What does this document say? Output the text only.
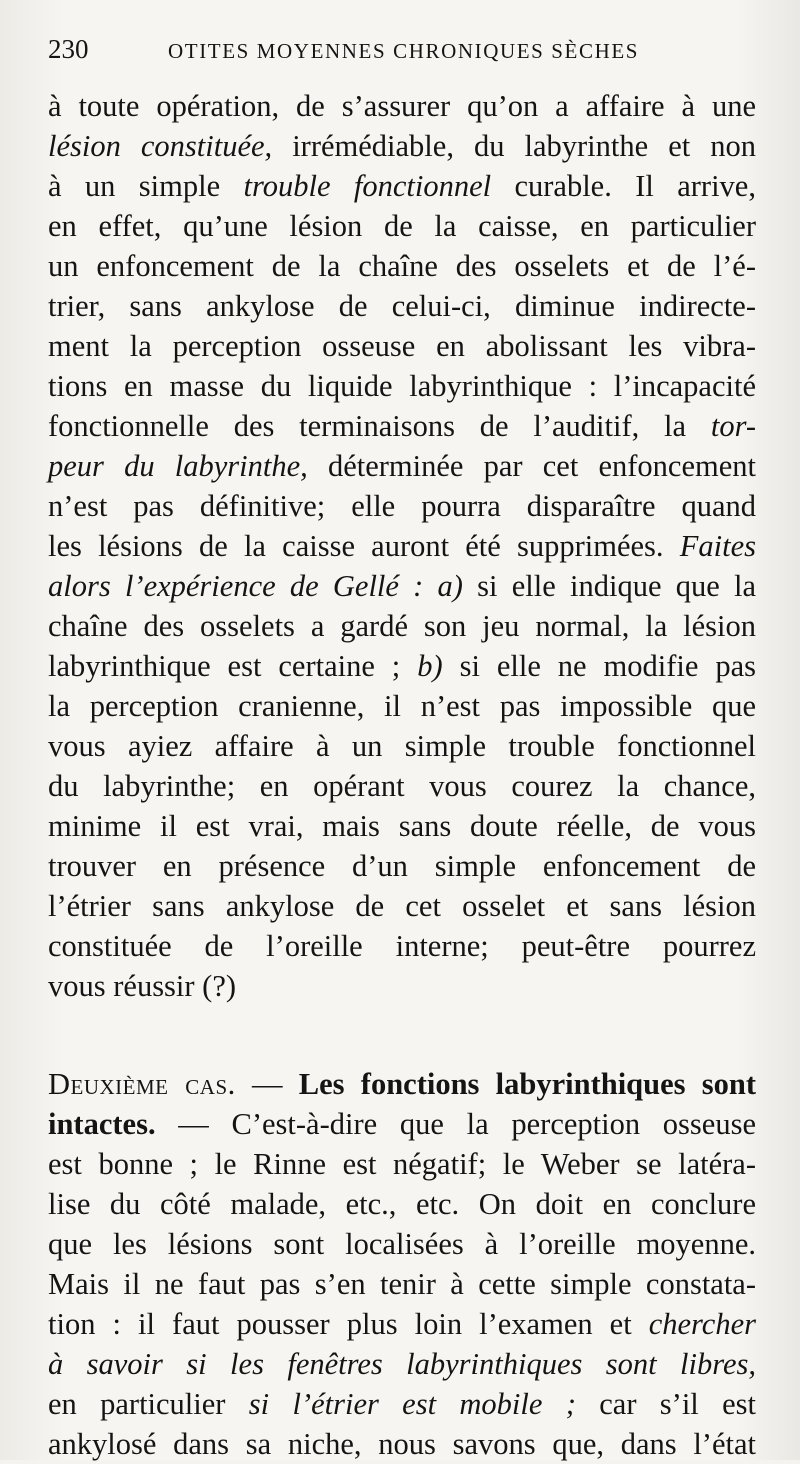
230	OTITES MOYENNES CHRONIQUES SÈCHES
à toute opération, de s’assurer qu’on a affaire à une
lésion constituée, irrémédiable, du labyrinthe et non
à un simple trouble fonctionnel curable. Il arrive,
en effet, qu’une lésion de la caisse, en particulier
un enfoncement de la chaîne des osselets et de l’é-
trier, sans ankylose de celui-ci, diminue indirecte-
ment la perception osseuse en abolissant les vibra-
tions en masse du liquide labyrinthique : l’incapacité
fonctionnelle des terminaisons de l’auditif, la tor-
peur du labyrinthe, déterminée par cet enfoncement
n’est pas définitive; elle pourra disparaître quand
les lésions de la caisse auront été supprimées. Faites
alors l’expérience de Gellé : a) si elle indique que la
chaîne des osselets a gardé son jeu normal, la lésion
labyrinthique est certaine ; b) si elle ne modifie pas
la perception cranienne, il n’est pas impossible que
vous ayiez affaire à un simple trouble fonctionnel
du labyrinthe; en opérant vous courez la chance,
minime il est vrai, mais sans doute réelle, de vous
trouver en présence d’un simple enfoncement de
l’étrier sans ankylose de cet osselet et sans lésion
constituée de l’oreille interne; peut-être pourrez
vous réussir (?)
Deuxième cas. — Les fonctions labyrinthiques sont
intactes. — C’est-à-dire que la perception osseuse
est bonne ; le Rinne est négatif; le Weber se latéra-
lise du côté malade, etc., etc. On doit en conclure
que les lésions sont localisées à l’oreille moyenne.
Mais il ne faut pas s’en tenir à cette simple constata-
tion : il faut pousser plus loin l’examen et chercher
à savoir si les fenêtres labyrinthiques sont libres,
en particulier si l’étrier est mobile ; car s’il est
ankylosé dans sa niche, nous savons que, dans l’état
